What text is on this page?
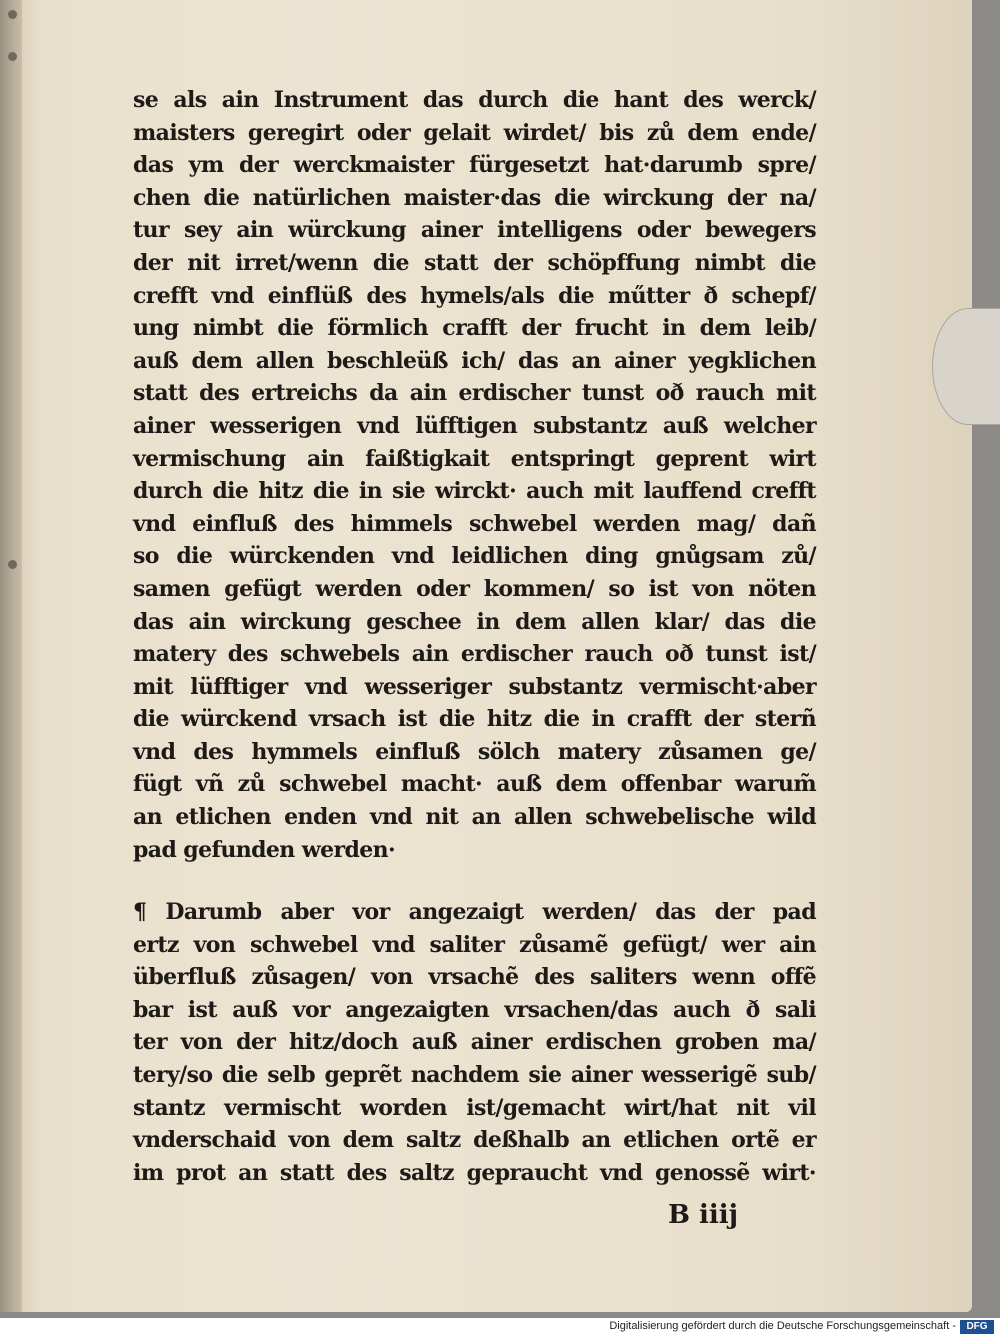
se als ain Instrument das durch die hant des werck/
maisters geregirt oder gelait wirdet/ bis zů dem ende/
das ym der werckmaister fürgesetzt hat·darumb spre/
chen die natürlichen maister·das die wirckung der na/
tur sey ain würckung ainer intelligens oder bewegers
der nit irret/wenn die statt der schöpffung nimbt die
crefft vnd einflüß des hymels/als die műtter ð schepf/
ung nimbt die förmlich crafft der frucht in dem leib/
auß dem allen beschleüß ich/ das an ainer yegklichen
statt des ertreichs da ain erdischer tunst oð rauch mit
ainer wesserigen vnd lüfftigen substantz auß welcher
vermischung ain faißtigkait entspringt geprent wirt
durch die hitz die in sie wirckt· auch mit lauffend crefft
vnd einfluß des himmels schwebel werden mag/ dañ
so die würckenden vnd leidlichen ding gnůgsam zů/
samen gefügt werden oder kommen/ so ist von nöten
das ain wirckung geschee in dem allen klar/ das die
matery des schwebels ain erdischer rauch oð tunst ist/
mit lüfftiger vnd wesseriger substantz vermischt·aber
die würckend vrsach ist die hitz die in crafft der sterñ
vnd des hymmels einfluß sölch matery zůsamen ge/
fügt vñ zů schwebel macht· auß dem offenbar warum̃
an etlichen enden vnd nit an allen schwebelische wild
pad gefunden werden·
¶ Darumb aber vor angezaigt werden/ das der pad
ertz von schwebel vnd saliter zůsamẽ gefügt/ wer ain
überfluß zůsagen/ von vrsachẽ des saliters wenn offẽ
bar ist auß vor angezaigten vrsachen/das auch ð sali
ter von der hitz/doch auß ainer erdischen groben ma/
tery/so die selb geprẽt nachdem sie ainer wesserigẽ sub/
stantz vermischt worden ist/gemacht wirt/hat nit vil
vnderschaid von dem saltz deßhalb an etlichen ortẽ er
im prot an statt des saltz gepraucht vnd genossẽ wirt·
B iiij
Digitalisierung gefördert durch die Deutsche Forschungsgemeinschaft -	DFG
